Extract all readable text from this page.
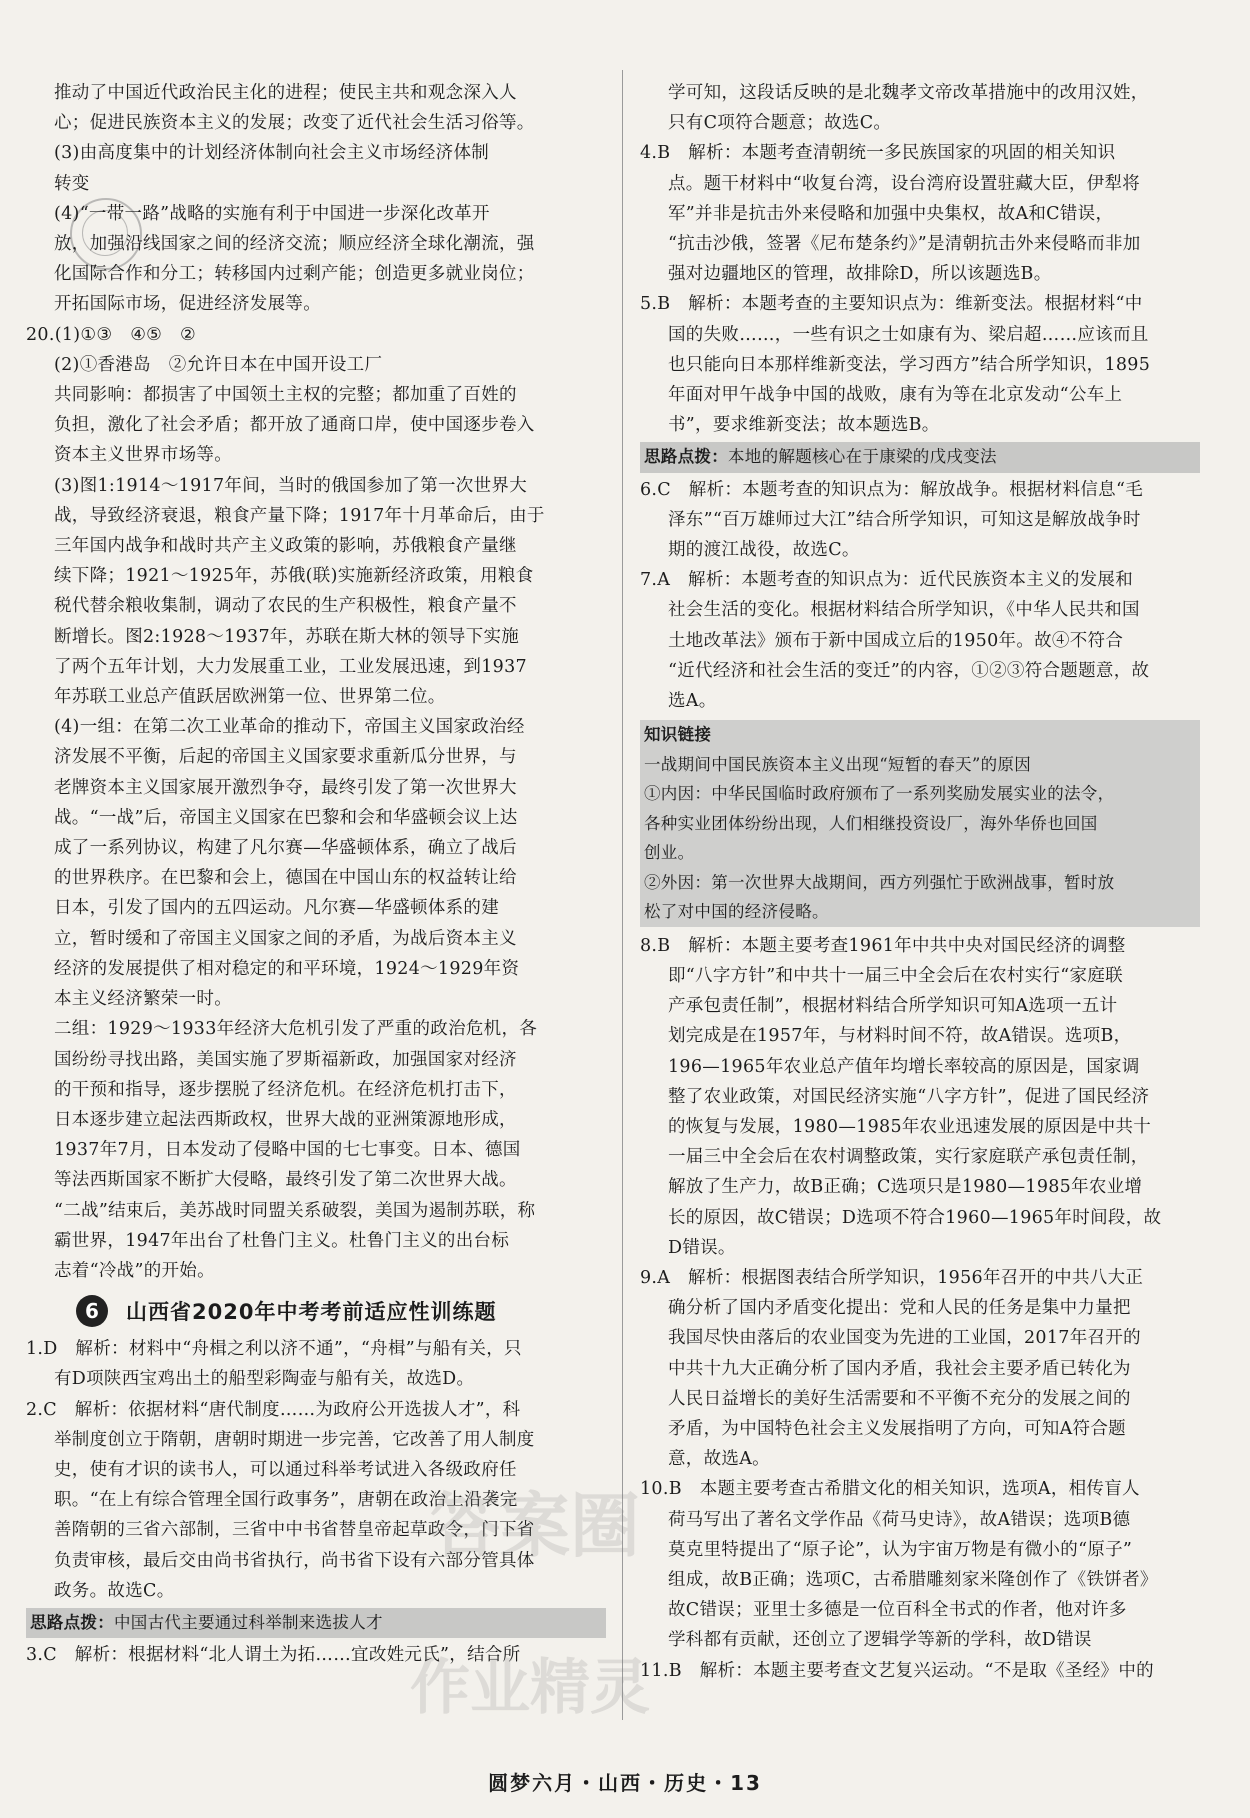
推动了中国近代政治民主化的进程；使民主共和观念深入人
心；促进民族资本主义的发展；改变了近代社会生活习俗等。
(3)由高度集中的计划经济体制向社会主义市场经济体制
转变
(4)“一带一路”战略的实施有利于中国进一步深化改革开
放，加强沿线国家之间的经济交流；顺应经济全球化潮流，强
化国际合作和分工；转移国内过剩产能；创造更多就业岗位；
开拓国际市场，促进经济发展等。
20.(1)①③　④⑤　②
(2)①香港岛　②允许日本在中国开设工厂
共同影响：都损害了中国领土主权的完整；都加重了百姓的
负担，激化了社会矛盾；都开放了通商口岸，使中国逐步卷入
资本主义世界市场等。
(3)图1:1914～1917年间，当时的俄国参加了第一次世界大
战，导致经济衰退，粮食产量下降；1917年十月革命后，由于
三年国内战争和战时共产主义政策的影响，苏俄粮食产量继
续下降；1921～1925年，苏俄(联)实施新经济政策，用粮食
税代替余粮收集制，调动了农民的生产积极性，粮食产量不
断增长。图2:1928～1937年，苏联在斯大林的领导下实施
了两个五年计划，大力发展重工业，工业发展迅速，到1937
年苏联工业总产值跃居欧洲第一位、世界第二位。
(4)一组：在第二次工业革命的推动下，帝国主义国家政治经
济发展不平衡，后起的帝国主义国家要求重新瓜分世界，与
老牌资本主义国家展开激烈争夺，最终引发了第一次世界大
战。“一战”后，帝国主义国家在巴黎和会和华盛顿会议上达
成了一系列协议，构建了凡尔赛—华盛顿体系，确立了战后
的世界秩序。在巴黎和会上，德国在中国山东的权益转让给
日本，引发了国内的五四运动。凡尔赛—华盛顿体系的建
立，暂时缓和了帝国主义国家之间的矛盾，为战后资本主义
经济的发展提供了相对稳定的和平环境，1924～1929年资
本主义经济繁荣一时。
二组：1929～1933年经济大危机引发了严重的政治危机，各
国纷纷寻找出路，美国实施了罗斯福新政，加强国家对经济
的干预和指导，逐步摆脱了经济危机。在经济危机打击下，
日本逐步建立起法西斯政权，世界大战的亚洲策源地形成，
1937年7月，日本发动了侵略中国的七七事变。日本、德国
等法西斯国家不断扩大侵略，最终引发了第二次世界大战。
“二战”结束后，美苏战时同盟关系破裂，美国为遏制苏联，称
霸世界，1947年出台了杜鲁门主义。杜鲁门主义的出台标
志着“冷战”的开始。
6	山西省2020年中考考前适应性训练题
1.D　解析：材料中“舟楫之利以济不通”，“舟楫”与船有关，只
有D项陕西宝鸡出土的船型彩陶壶与船有关，故选D。
2.C　解析：依据材料“唐代制度……为政府公开选拔人才”，科
举制度创立于隋朝，唐朝时期进一步完善，它改善了用人制度
史，使有才识的读书人，可以通过科举考试进入各级政府任
职。“在上有综合管理全国行政事务”，唐朝在政治上沿袭完
善隋朝的三省六部制，三省中中书省替皇帝起草政令，门下省
负责审核，最后交由尚书省执行，尚书省下设有六部分管具体
政务。故选C。
思路点拨：中国古代主要通过科举制来选拔人才
3.C　解析：根据材料“北人谓土为拓……宜改姓元氏”，结合所
学可知，这段话反映的是北魏孝文帝改革措施中的改用汉姓，
只有C项符合题意；故选C。
4.B　解析：本题考查清朝统一多民族国家的巩固的相关知识
点。题干材料中“收复台湾，设台湾府设置驻藏大臣，伊犁将
军”并非是抗击外来侵略和加强中央集权，故A和C错误，
“抗击沙俄，签署《尼布楚条约》”是清朝抗击外来侵略而非加
强对边疆地区的管理，故排除D，所以该题选B。
5.B　解析：本题考查的主要知识点为：维新变法。根据材料“中
国的失败……，一些有识之士如康有为、梁启超……应该而且
也只能向日本那样维新变法，学习西方”结合所学知识，1895
年面对甲午战争中国的战败，康有为等在北京发动“公车上
书”，要求维新变法；故本题选B。
思路点拨：本地的解题核心在于康梁的戊戌变法
6.C　解析：本题考查的知识点为：解放战争。根据材料信息“毛
泽东”“百万雄师过大江”结合所学知识，可知这是解放战争时
期的渡江战役，故选C。
7.A　解析：本题考查的知识点为：近代民族资本主义的发展和
社会生活的变化。根据材料结合所学知识，《中华人民共和国
土地改革法》颁布于新中国成立后的1950年。故④不符合
“近代经济和社会生活的变迁”的内容，①②③符合题题意，故
选A。
知识链接
一战期间中国民族资本主义出现“短暂的春天”的原因
①内因：中华民国临时政府颁布了一系列奖励发展实业的法令，
各种实业团体纷纷出现，人们相继投资设厂，海外华侨也回国
创业。
②外因：第一次世界大战期间，西方列强忙于欧洲战事，暂时放
松了对中国的经济侵略。
8.B　解析：本题主要考查1961年中共中央对国民经济的调整
即“八字方针”和中共十一届三中全会后在农村实行“家庭联
产承包责任制”，根据材料结合所学知识可知A选项一五计
划完成是在1957年，与材料时间不符，故A错误。选项B，
196—1965年农业总产值年均增长率较高的原因是，国家调
整了农业政策，对国民经济实施“八字方针”，促进了国民经济
的恢复与发展，1980—1985年农业迅速发展的原因是中共十
一届三中全会后在农村调整政策，实行家庭联产承包责任制，
解放了生产力，故B正确；C选项只是1980—1985年农业增
长的原因，故C错误；D选项不符合1960—1965年时间段，故
D错误。
9.A　解析：根据图表结合所学知识，1956年召开的中共八大正
确分析了国内矛盾变化提出：党和人民的任务是集中力量把
我国尽快由落后的农业国变为先进的工业国，2017年召开的
中共十九大正确分析了国内矛盾，我社会主要矛盾已转化为
人民日益增长的美好生活需要和不平衡不充分的发展之间的
矛盾，为中国特色社会主义发展指明了方向，可知A符合题
意，故选A。
10.B　本题主要考查古希腊文化的相关知识，选项A，相传盲人
荷马写出了著名文学作品《荷马史诗》，故A错误；选项B德
莫克里特提出了“原子论”，认为宇宙万物是有微小的“原子”
组成，故B正确；选项C，古希腊雕刻家米隆创作了《铁饼者》
故C错误；亚里士多德是一位百科全书式的作者，他对许多
学科都有贡献，还创立了逻辑学等新的学科，故D错误
11.B　解析：本题主要考查文艺复兴运动。“不是取《圣经》中的
答案圈
作业精灵
圆梦六月・山西・历史・13
